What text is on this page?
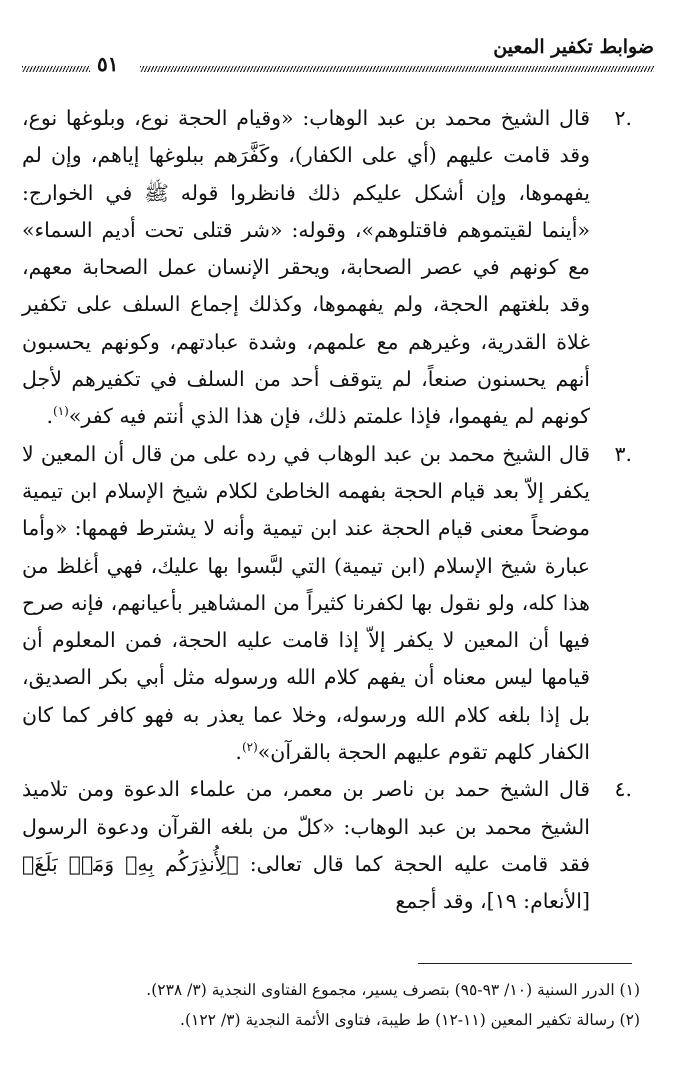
ضوابط تكفير المعين
٥١
.٢
قال الشيخ محمد بن عبد الوهاب: «وقيام الحجة نوع، وبلوغها نوع، وقد قامت عليهم (أي على الكفار)، وكَفَّرَهم ببلوغها إياهم، وإن لم يفهموها، وإن أشكل عليكم ذلك فانظروا قوله ﷺ في الخوارج: «أينما لقيتموهم فاقتلوهم»، وقوله: «شر قتلى تحت أديم السماء» مع كونهم في عصر الصحابة، ويحقر الإنسان عمل الصحابة معهم، وقد بلغتهم الحجة، ولم يفهموها، وكذلك إجماع السلف على تكفير غلاة القدرية، وغيرهم مع علمهم، وشدة عبادتهم، وكونهم يحسبون أنهم يحسنون صنعاً، لم يتوقف أحد من السلف في تكفيرهم لأجل كونهم لم يفهموا، فإذا علمتم ذلك، فإن هذا الذي أنتم فيه كفر»$^{(١)}$.
.٣
قال الشيخ محمد بن عبد الوهاب في رده على من قال أن المعين لا يكفر إلاّ بعد قيام الحجة بفهمه الخاطئ لكلام شيخ الإسلام ابن تيمية موضحاً معنى قيام الحجة عند ابن تيمية وأنه لا يشترط فهمها: «وأما عبارة شيخ الإسلام (ابن تيمية) التي لبَّسوا بها عليك، فهي أغلظ من هذا كله، ولو نقول بها لكفرنا كثيراً من المشاهير بأعيانهم، فإنه صرح فيها أن المعين لا يكفر إلاّ إذا قامت عليه الحجة، فمن المعلوم أن قيامها ليس معناه أن يفهم كلام الله ورسوله مثل أبي بكر الصديق، بل إذا بلغه كلام الله ورسوله، وخلا عما يعذر به فهو كافر كما كان الكفار كلهم تقوم عليهم الحجة بالقرآن»$^{(٢)}$.
.٤
قال الشيخ حمد بن ناصر بن معمر، من علماء الدعوة ومن تلاميذ الشيخ محمد بن عبد الوهاب: «كلّ من بلغه القرآن ودعوة الرسول فقد قامت عليه الحجة كما قال تعالى: ﴿لِأُنذِرَكُم بِهِۦ وَمَنۢ بَلَغَ﴾ [الأنعام: ١٩]، وقد أجمع
(١) الدرر السنية (١٠/ ٩٣-٩٥) بتصرف يسير، مجموع الفتاوى النجدية (٣/ ٢٣٨).
(٢) رسالة تكفير المعين (١١-١٢) ط طيبة، فتاوى الأئمة النجدية (٣/ ١٢٢).
